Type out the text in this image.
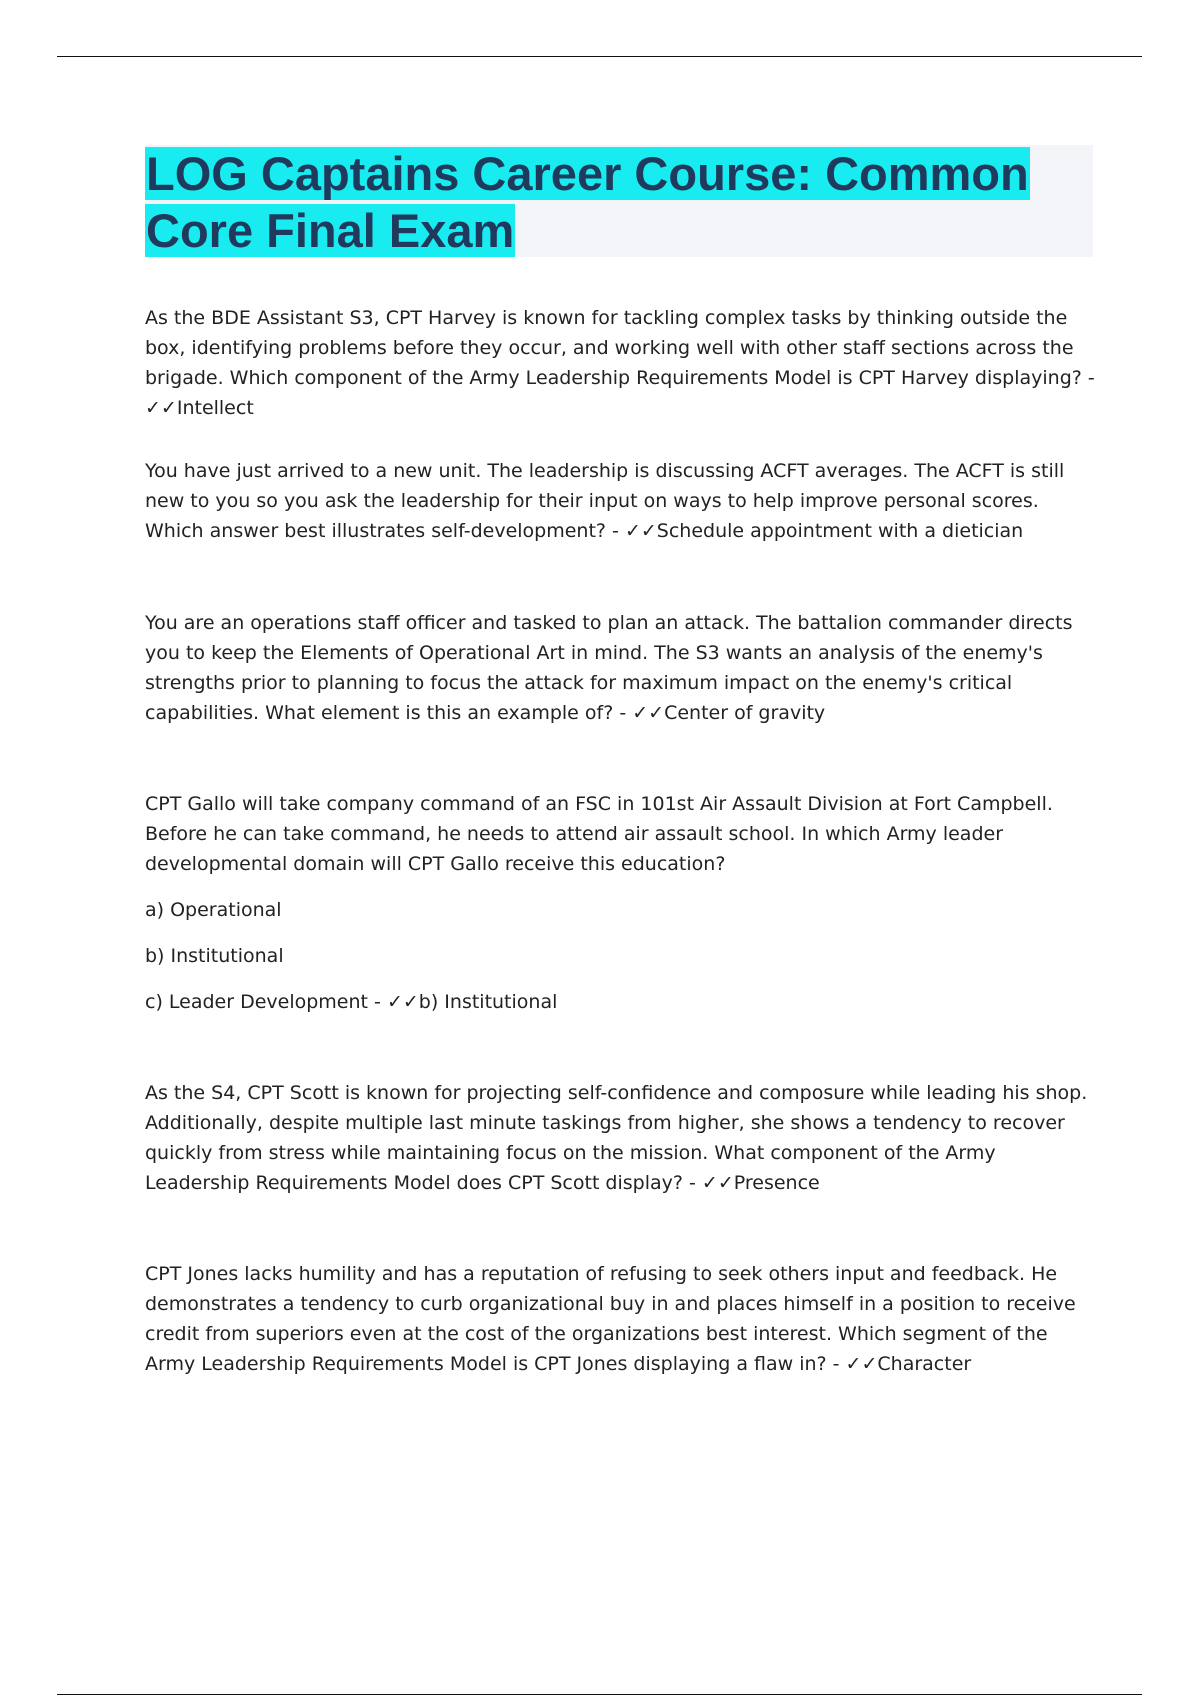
LOG Captains Career Course: Common Core Final Exam

As the BDE Assistant S3, CPT Harvey is known for tackling complex tasks by thinking outside the box, identifying problems before they occur, and working well with other staff sections across the brigade. Which component of the Army Leadership Requirements Model is CPT Harvey displaying? - ✓✓Intellect

You have just arrived to a new unit. The leadership is discussing ACFT averages. The ACFT is still new to you so you ask the leadership for their input on ways to help improve personal scores. Which answer best illustrates self-development? - ✓✓Schedule appointment with a dietician

You are an operations staff officer and tasked to plan an attack. The battalion commander directs you to keep the Elements of Operational Art in mind. The S3 wants an analysis of the enemy's strengths prior to planning to focus the attack for maximum impact on the enemy's critical capabilities. What element is this an example of? - ✓✓Center of gravity

CPT Gallo will take company command of an FSC in 101st Air Assault Division at Fort Campbell. Before he can take command, he needs to attend air assault school. In which Army leader developmental domain will CPT Gallo receive this education?

a) Operational

b) Institutional

c) Leader Development - ✓✓b) Institutional

As the S4, CPT Scott is known for projecting self-confidence and composure while leading his shop. Additionally, despite multiple last minute taskings from higher, she shows a tendency to recover quickly from stress while maintaining focus on the mission. What component of the Army Leadership Requirements Model does CPT Scott display? - ✓✓Presence

CPT Jones lacks humility and has a reputation of refusing to seek others input and feedback. He demonstrates a tendency to curb organizational buy in and places himself in a position to receive credit from superiors even at the cost of the organizations best interest. Which segment of the Army Leadership Requirements Model is CPT Jones displaying a flaw in? - ✓✓Character
